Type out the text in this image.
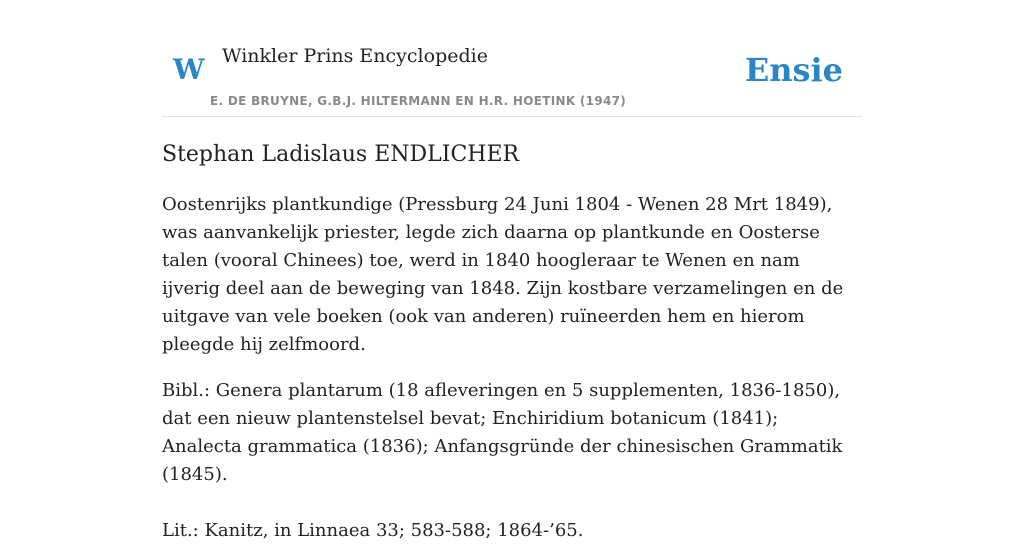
W Winkler Prins Encyclopedie
E. DE BRUYNE, G.B.J. HILTERMANN EN H.R. HOETINK (1947)
Ensie
Stephan Ladislaus ENDLICHER

Oostenrijks plantkundige (Pressburg 24 Juni 1804 - Wenen 28 Mrt 1849), was aanvankelijk priester, legde zich daarna op plantkunde en Oosterse talen (vooral Chinees) toe, werd in 1840 hoogleraar te Wenen en nam ijverig deel aan de beweging van 1848. Zijn kostbare verzamelingen en de uitgave van vele boeken (ook van anderen) ruïneerden hem en hierom pleegde hij zelfmoord.

Bibl.: Genera plantarum (18 afleveringen en 5 supplementen, 1836-1850), dat een nieuw plantenstelsel bevat; Enchiridium botanicum (1841); Analecta grammatica (1836); Anfangsgründe der chinesischen Grammatik (1845).

Lit.: Kanitz, in Linnaea 33; 583-588; 1864-’65.
